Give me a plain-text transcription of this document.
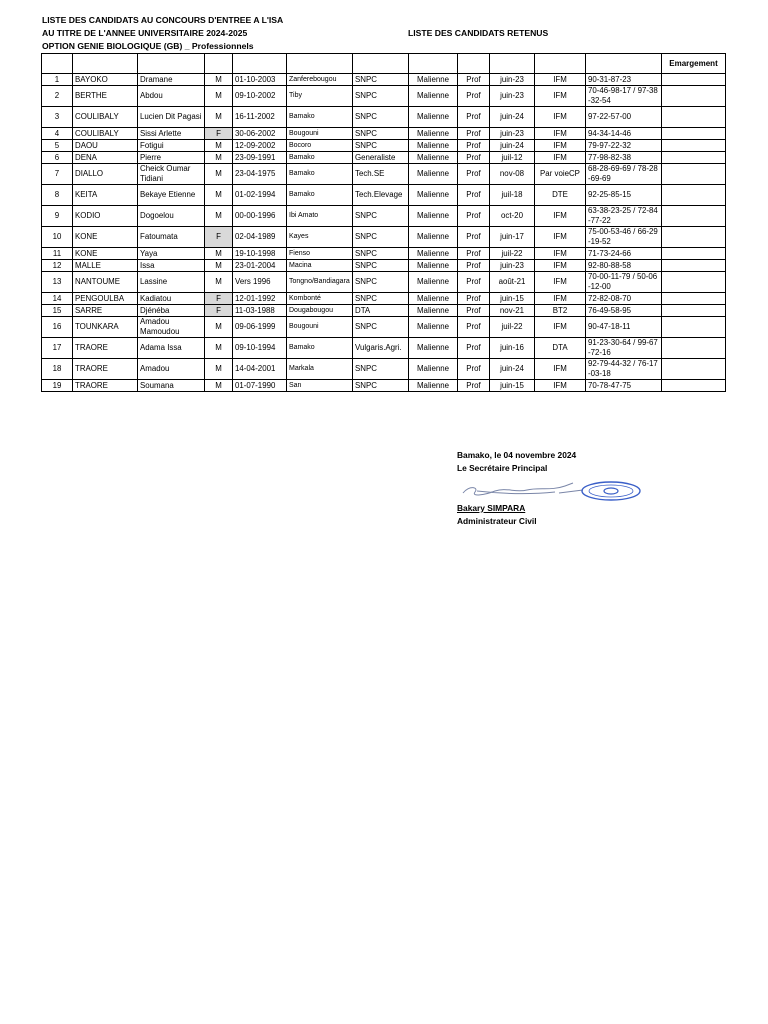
LISTE DES CANDIDATS AU CONCOURS D'ENTREE A L'ISA
AU TITRE DE L'ANNEE UNIVERSITAIRE 2024-2025
OPTION GENIE BIOLOGIQUE (GB) _ Professionnels
LISTE DES CANDIDATS RETENUS
												Emargement
1	BAYOKO	Dramane	M	01-10-2003	Zanferebougou	SNPC	Malienne	Prof	juin-23	IFM	90-31-87-23	
2	BERTHE	Abdou	M	09-10-2002	Tiby	SNPC	Malienne	Prof	juin-23	IFM	70-46-98-17 / 97-38-32-54	
3	COULIBALY	Lucien Dit Pagasi	M	16-11-2002	Bamako	SNPC	Malienne	Prof	juin-24	IFM	97-22-57-00	
4	COULIBALY	Sissi Arlette	F	30-06-2002	Bougouni	SNPC	Malienne	Prof	juin-23	IFM	94-34-14-46	
5	DAOU	Fotigui	M	12-09-2002	Bocoro	SNPC	Malienne	Prof	juin-24	IFM	79-97-22-32	
6	DENA	Pierre	M	23-09-1991	Bamako	Generaliste	Malienne	Prof	juil-12	IFM	77-98-82-38	
7	DIALLO	Cheick Oumar Tidiani	M	23-04-1975	Bamako	Tech.SE	Malienne	Prof	nov-08	Par voieCP	68-28-69-69 / 78-28-69-69	
8	KEITA	Bekaye Etienne	M	01-02-1994	Bamako	Tech.Elevage	Malienne	Prof	juil-18	DTE	92-25-85-15	
9	KODIO	Dogoelou	M	00-00-1996	Ibi Amato	SNPC	Malienne	Prof	oct-20	IFM	63-38-23-25 / 72-84-77-22	
10	KONE	Fatoumata	F	02-04-1989	Kayes	SNPC	Malienne	Prof	juin-17	IFM	75-00-53-46 / 66-29-19-52	
11	KONE	Yaya	M	19-10-1998	Fienso	SNPC	Malienne	Prof	juil-22	IFM	71-73-24-66	
12	MALLE	Issa	M	23-01-2004	Macina	SNPC	Malienne	Prof	juin-23	IFM	92-80-88-58	
13	NANTOUME	Lassine	M	Vers 1996	Tongno/Bandiagara	SNPC	Malienne	Prof	août-21	IFM	70-00-11-79 / 50-06-12-00	
14	PENGOULBA	Kadiatou	F	12-01-1992	Kombonté	SNPC	Malienne	Prof	juin-15	IFM	72-82-08-70	
15	SARRE	Djénéba	F	11-03-1988	Dougabougou	DTA	Malienne	Prof	nov-21	BT2	76-49-58-95	
16	TOUNKARA	Amadou Mamoudou	M	09-06-1999	Bougouni	SNPC	Malienne	Prof	juil-22	IFM	90-47-18-11	
17	TRAORE	Adama Issa	M	09-10-1994	Bamako	Vulgaris.Agri.	Malienne	Prof	juin-16	DTA	91-23-30-64 / 99-67-72-16	
18	TRAORE	Amadou	M	14-04-2001	Markala	SNPC	Malienne	Prof	juin-24	IFM	92-79-44-32 / 76-17-03-18	
19	TRAORE	Soumana	M	01-07-1990	San	SNPC	Malienne	Prof	juin-15	IFM	70-78-47-75	
Bamako, le 04 novembre 2024
Le Secrétaire Principal
Bakary SIMPARA
Administrateur Civil
